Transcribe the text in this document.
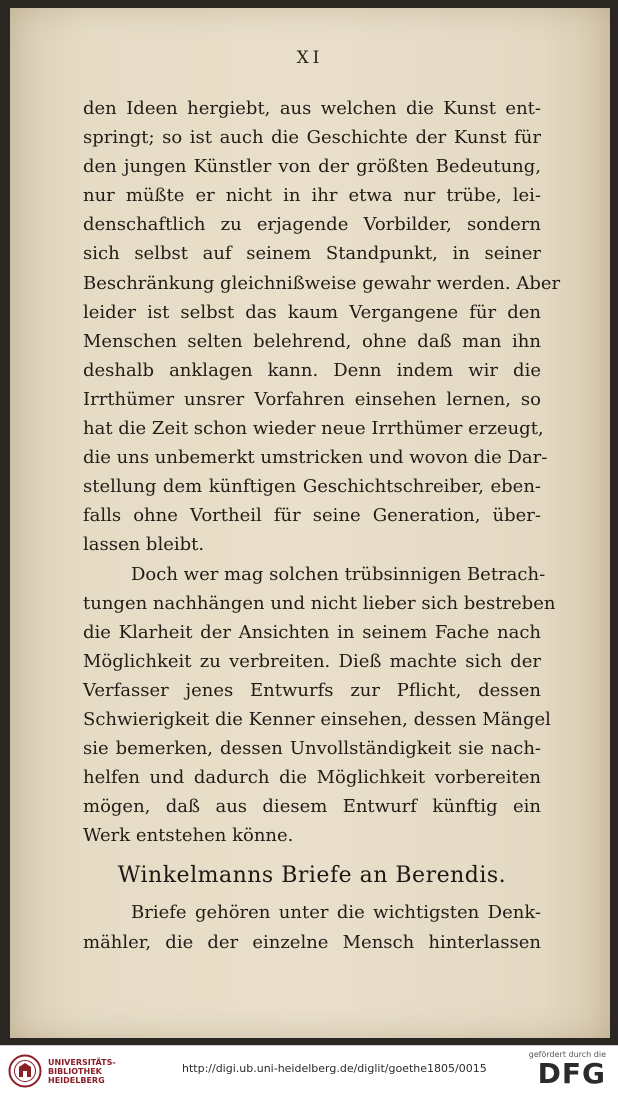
XI
den Ideen hergiebt, aus welchen die Kunst ent-
springt; so ist auch die Geschichte der Kunst für
den jungen Künstler von der größten Bedeutung,
nur müßte er nicht in ihr etwa nur trübe, lei-
denschaftlich zu erjagende Vorbilder, sondern
sich selbst auf seinem Standpunkt, in seiner
Beschränkung gleichnißweise gewahr werden. Aber
leider ist selbst das kaum Vergangene für den
Menschen selten belehrend, ohne daß man ihn
deshalb anklagen kann. Denn indem wir die
Irrthümer unsrer Vorfahren einsehen lernen, so
hat die Zeit schon wieder neue Irrthümer erzeugt,
die uns unbemerkt umstricken und wovon die Dar-
stellung dem künftigen Geschichtschreiber, eben-
falls ohne Vortheil für seine Generation, über-
lassen bleibt.
Doch wer mag solchen trübsinnigen Betrach-
tungen nachhängen und nicht lieber sich bestreben
die Klarheit der Ansichten in seinem Fache nach
Möglichkeit zu verbreiten. Dieß machte sich der
Verfasser jenes Entwurfs zur Pflicht, dessen
Schwierigkeit die Kenner einsehen, dessen Mängel
sie bemerken, dessen Unvollständigkeit sie nach-
helfen und dadurch die Möglichkeit vorbereiten
mögen, daß aus diesem Entwurf künftig ein
Werk entstehen könne.
Winkelmanns Briefe an Berendis.
Briefe gehören unter die wichtigsten Denk-
mähler, die der einzelne Mensch hinterlassen
UNIVERSITÄTS-
BIBLIOTHEK
HEIDELBERG
http://digi.ub.uni-heidelberg.de/diglit/goethe1805/0015
gefördert durch die
DFG
